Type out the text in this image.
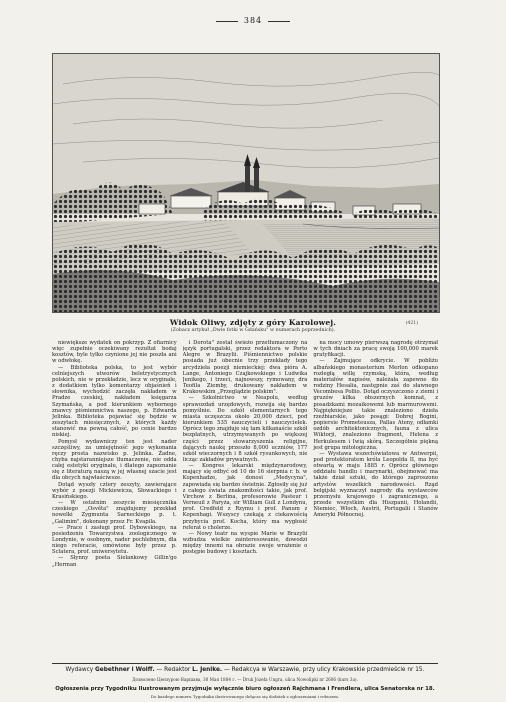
384
Widok Oliwy, zdjęty z góry Karolowej.	(421)
(Zobacz artykuł „Dwie fotki w Gdańsku" w numerach poprzednich).

niewiększe wydatek on pokrzyp. Z ofiarnicy więc zupełnie oczekiwany rezultat bodaj kosztów, byle tylko czynione jej nie poszła ani w odwłokę.

— Biblioteka polska, to jest wybór celniejszych utworów beletrystycznych polskich, nie w przekładzie, lecz w oryginale, z dodatkiem tylko komentarzy objaśnień i słownika, wychodzić zaczęła nakładem w Pradze czeskiej, nakładem księgarza Szymańska, a pod kierunkiem wybornego znawcy piśmiennictwa naszego, p. Edwarda Jelinka. Biblioteka pojawiać się będzie w zeszytach miesięcznych, z których każdy stanowić ma pewną całość, po cenie bardzo niskiej.

Pomysł wydawniczy ten jest nader szczęśliwy, za umiejętność jego wykonania ręczy prosta nazwisko p. Jelinka. Żadne, chyba najstaranniejsze tłumaczenie, nie odda całej estetyki oryginału, i dlatego zapoznanie się z literaturą naszą w jej własnej szacie jest dla obcych najwłaściwsze.

Dotąd wyszły cztery zeszyty, zawierające wybór z poezji Mickiewicza, Słowackiego i Krasińskiego.

— W ostatnim zeszycie miesięcznika czeskiego „Osvěta" znajdujemy przekład nowelki Zygmunta Sarneckiego p. t. „Galimim", dokonany przez Fr. Kvapila.

— Prace i zasługi prof. Dybowskiego, na posiedzeniu Towarzystwa zoologicznego w Londynie, w osobnym, nader pochlebnym, dla niego referacie, omówione były przez p. Sclatera, prof. uniwersytetu.

— Słynny poeta Sielankowy Gillin'go „Herman

i Dorota" został świeżo przetłumaczony na język portugalski, przez redaktora w Porto Alegre w Brazylii. Piśmiennictwo polskie posiada już obecnie trzy przekłady tego arcydzieła poezji niemieckiej: dwa pióra A. Lange, Antoniego Czajkowskiego i Ludwika Jenikego, i trzeci, najnowszy, rymowany, dra Teofila Ziemby, drukowany nakładem w Krakowskim „Przeglądzie polskim".

— Szkolnictwo w Neapolu, według sprawozdań urzędowych, rozwija się bardzo pomyślnie. Do szkół elementarnych tego miasta uczęszcza około 20,000 dzieci, pod kierunkiem 535 nauczycieli i nauczycielek. Oprócz tego znajduje się tam kilkanaście szkół bezpłatnych, utrzymywanych po większej części przez stowarzyszenia religijne, dających naukę przeszło 8,000 uczniów, 177 szkół wieczornych i 8 szkół rysunkowych, nie licząc zakładów prywatnych.

— Kongres lekarski międzynarodowy, mający się odbyć od 10 do 16 sierpnia r. b. w Kopenhadze, jak donosi „Medycyna", zapowiada się bardzo świetnie. Zgłosiły się już z całego świata znakomitości takie, jak prof. Virchow z Berlina, profesorowie Pasteur i Verneuil z Paryża, sir William Gull z Londynu, prof. Credfeld z Rzymu i prof. Panum z Kopenhagi. Wszyscy czekają z ciekawością przybycia prof. Kocha, który ma wygłosić referat o cholerze.

— Nowy teatr na wyspie Marie w Brazylii wzbudza wielkie zainteresowanie, dowodzi między innemi na obrazie swoje wrażenie o postępie budowy i kosztach.

na mocy umowy pierwszą nagrodę otrzymał w tych dniach za pracę swoją 100,000 marek gratyfikacji.

— Zajmujące odkrycie. W pobliżu albańskiego monasterium Merlon odkopano rozległą willę rzymską, która, według materiałów napisów, należała zapewne do rodziny Hesalia, następnie zaś do sławnego Vecombesa Pollio. Dotąd oczyszczono z ziemi i gruzów kilka obszernych komnat, z posadzkami mozaikowemi lub marmurowemi. Najpiękniejsze takie znaleziono dzieła rzeźbiarskie, jako posągi: Dobrej Bogini, popiersie Prometeusza, Pallas Ateny, odłamki ozdób architektonicznych, fauna z ulica Wiktorji, znaleziono fragment, Helena z Herkulesem i Iwią skórą. Szczególnie piękną jest grupa mitologiczna.

— Wystawa wszechświatowa w Antwerpii, pod protektoratem króla Leopolda II, ma być otwartą w maju 1885 r. Oprócz głównego oddziału handlu i marynarki, obejmować ma także dział sztuki, do którego zaproszono artystów wszelkich narodowości. Rząd belgijski wyznaczył nagrody dla wystawców przemysłu krajowego i zagranicznego, a przede wszystkim dla Hiszpanii, Holandii, Niemiec, Włoch, Austrii, Portugalii i Stanów Ameryki Północnej.

Wydawcy Gebethner i Wolff. — Redaktor L. Jenike. — Redakcya w Warszawie, przy ulicy Krakowskie przedmieście nr 15.
Дозволено Цензурою Варшава, 30 Мая 1884 г. — Druk Józefa Ungra, ulica Nowolipki nr 2606 (kurs 3a).
Ogłoszenia przy Tygodniku Ilustrowanym przyjmuje wyłącznie biuro ogłoszeń Rajchmana i Frendlera, ulica Senatorska nr 18.
Do każdego numeru Tygodnika ilustrowanego dołącza się dodatek z ogłoszeniami i rebusem.
